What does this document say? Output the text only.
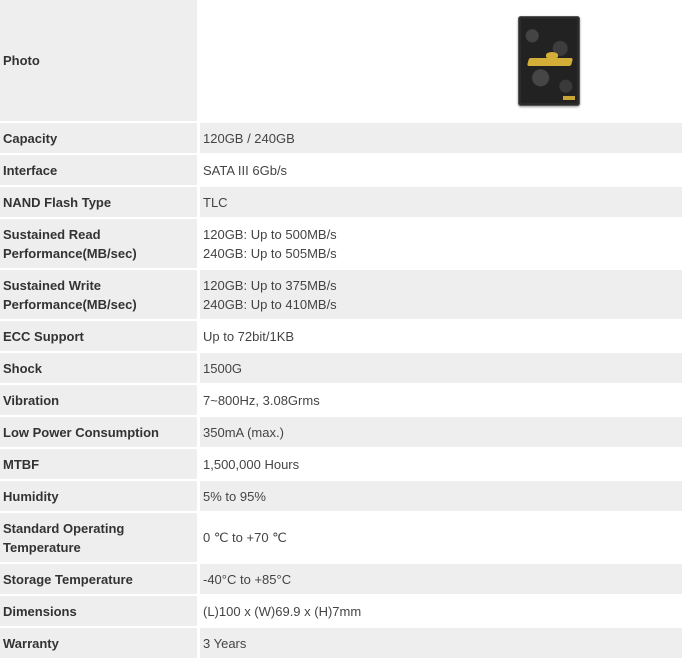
Photo	

Capacity	120GB / 240GB

Interface	SATA III 6Gb/s

NAND Flash Type	TLC

Sustained Read
Performance(MB/sec)	120GB: Up to 500MB/s
240GB: Up to 505MB/s

Sustained Write
Performance(MB/sec)	120GB: Up to 375MB/s
240GB: Up to 410MB/s

ECC Support	Up to 72bit/1KB

Shock	1500G

Vibration	7~800Hz, 3.08Grms

Low Power Consumption	350mA (max.)

MTBF	1,500,000 Hours

Humidity	5% to 95%

Standard Operating
Temperature	0 ℃ to +70 ℃

Storage Temperature	-40°C to +85°C

Dimensions	(L)100 x (W)69.9 x (H)7mm

Warranty	3 Years
